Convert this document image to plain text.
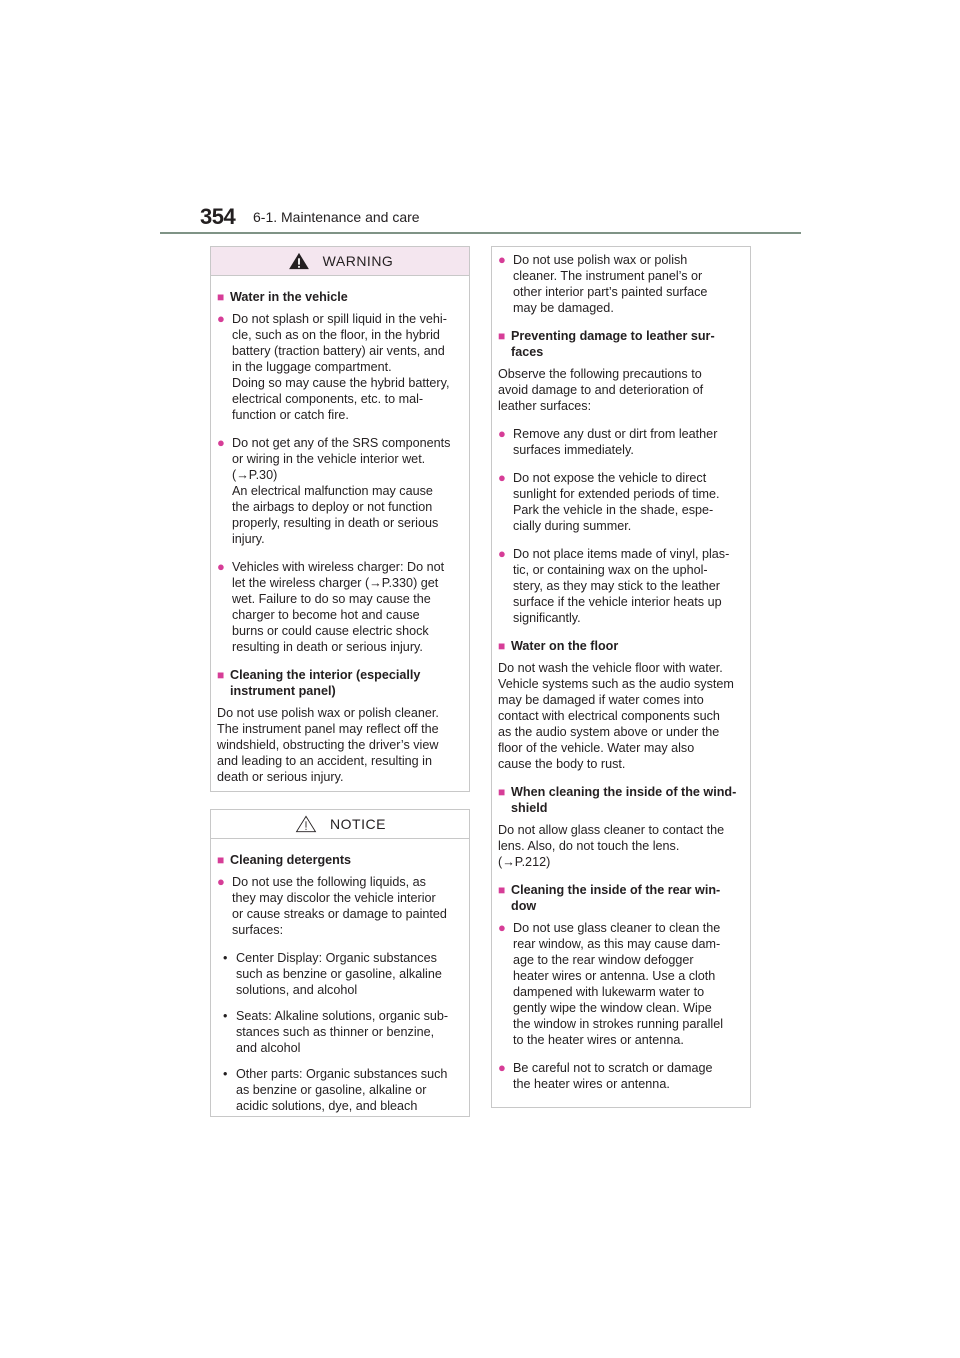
354 6-1. Maintenance and care
WARNING
■ Water in the vehicle
● Do not splash or spill liquid in the vehi-
cle, such as on the floor, in the hybrid
battery (traction battery) air vents, and
in the luggage compartment.
Doing so may cause the hybrid battery,
electrical components, etc. to mal-
function or catch fire.
● Do not get any of the SRS components
or wiring in the vehicle interior wet.
(→P.30)
An electrical malfunction may cause
the airbags to deploy or not function
properly, resulting in death or serious
injury.
● Vehicles with wireless charger: Do not
let the wireless charger (→P.330) get
wet. Failure to do so may cause the
charger to become hot and cause
burns or could cause electric shock
resulting in death or serious injury.
■ Cleaning the interior (especially
instrument panel)
Do not use polish wax or polish cleaner.
The instrument panel may reflect off the
windshield, obstructing the driver’s view
and leading to an accident, resulting in
death or serious injury.
NOTICE
■ Cleaning detergents
● Do not use the following liquids, as
they may discolor the vehicle interior
or cause streaks or damage to painted
surfaces:
• Center Display: Organic substances
such as benzine or gasoline, alkaline
solutions, and alcohol
• Seats: Alkaline solutions, organic sub-
stances such as thinner or benzine,
and alcohol
• Other parts: Organic substances such
as benzine or gasoline, alkaline or
acidic solutions, dye, and bleach
● Do not use polish wax or polish
cleaner. The instrument panel’s or
other interior part’s painted surface
may be damaged.
■ Preventing damage to leather sur-
faces
Observe the following precautions to
avoid damage to and deterioration of
leather surfaces:
● Remove any dust or dirt from leather
surfaces immediately.
● Do not expose the vehicle to direct
sunlight for extended periods of time.
Park the vehicle in the shade, espe-
cially during summer.
● Do not place items made of vinyl, plas-
tic, or containing wax on the uphol-
stery, as they may stick to the leather
surface if the vehicle interior heats up
significantly.
■ Water on the floor
Do not wash the vehicle floor with water.
Vehicle systems such as the audio system
may be damaged if water comes into
contact with electrical components such
as the audio system above or under the
floor of the vehicle. Water may also
cause the body to rust.
■ When cleaning the inside of the wind-
shield
Do not allow glass cleaner to contact the
lens. Also, do not touch the lens.
(→P.212)
■ Cleaning the inside of the rear win-
dow
● Do not use glass cleaner to clean the
rear window, as this may cause dam-
age to the rear window defogger
heater wires or antenna. Use a cloth
dampened with lukewarm water to
gently wipe the window clean. Wipe
the window in strokes running parallel
to the heater wires or antenna.
● Be careful not to scratch or damage
the heater wires or antenna.
